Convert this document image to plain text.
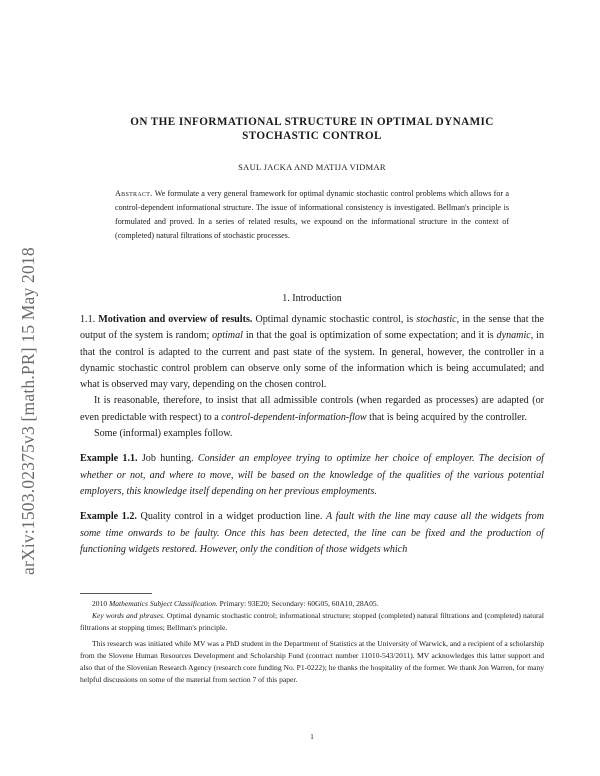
arXiv:1503.02375v3 [math.PR] 15 May 2018
ON THE INFORMATIONAL STRUCTURE IN OPTIMAL DYNAMIC
STOCHASTIC CONTROL
SAUL JACKA AND MATIJA VIDMAR
Abstract. We formulate a very general framework for optimal dynamic stochastic control problems which allows for a control-dependent informational structure. The issue of informational consistency is investigated. Bellman's principle is formulated and proved. In a series of related results, we expound on the informational structure in the context of (completed) natural filtrations of stochastic processes.
1. Introduction

1.1. Motivation and overview of results. Optimal dynamic stochastic control, is stochastic, in the sense that the output of the system is random; optimal in that the goal is optimization of some expectation; and it is dynamic, in that the control is adapted to the current and past state of the system. In general, however, the controller in a dynamic stochastic control problem can observe only some of the information which is being accumulated; and what is observed may vary, depending on the chosen control.

It is reasonable, therefore, to insist that all admissible controls (when regarded as processes) are adapted (or even predictable with respect) to a control-dependent-information-flow that is being acquired by the controller.

Some (informal) examples follow.

Example 1.1. Job hunting. Consider an employee trying to optimize her choice of employer. The decision of whether or not, and where to move, will be based on the knowledge of the qualities of the various potential employers, this knowledge itself depending on her previous employments.

Example 1.2. Quality control in a widget production line. A fault with the line may cause all the widgets from some time onwards to be faulty. Once this has been detected, the line can be fixed and the production of functioning widgets restored. However, only the condition of those widgets which

2010 Mathematics Subject Classification. Primary: 93E20; Secondary: 60G05, 60A10, 28A05.

Key words and phrases. Optimal dynamic stochastic control; informational structure; stopped (completed) natural filtrations and (completed) natural filtrations at stopping times; Bellman's principle.

This research was initiated while MV was a PhD student in the Department of Statistics at the University of Warwick, and a recipient of a scholarship from the Slovene Human Resources Development and Scholarship Fund (contract number 11010-543/2011). MV acknowledges this latter support and also that of the Slovenian Research Agency (research core funding No. P1-0222); he thanks the hospitality of the former. We thank Jon Warren, for many helpful discussions on some of the material from section 7 of this paper.

1
